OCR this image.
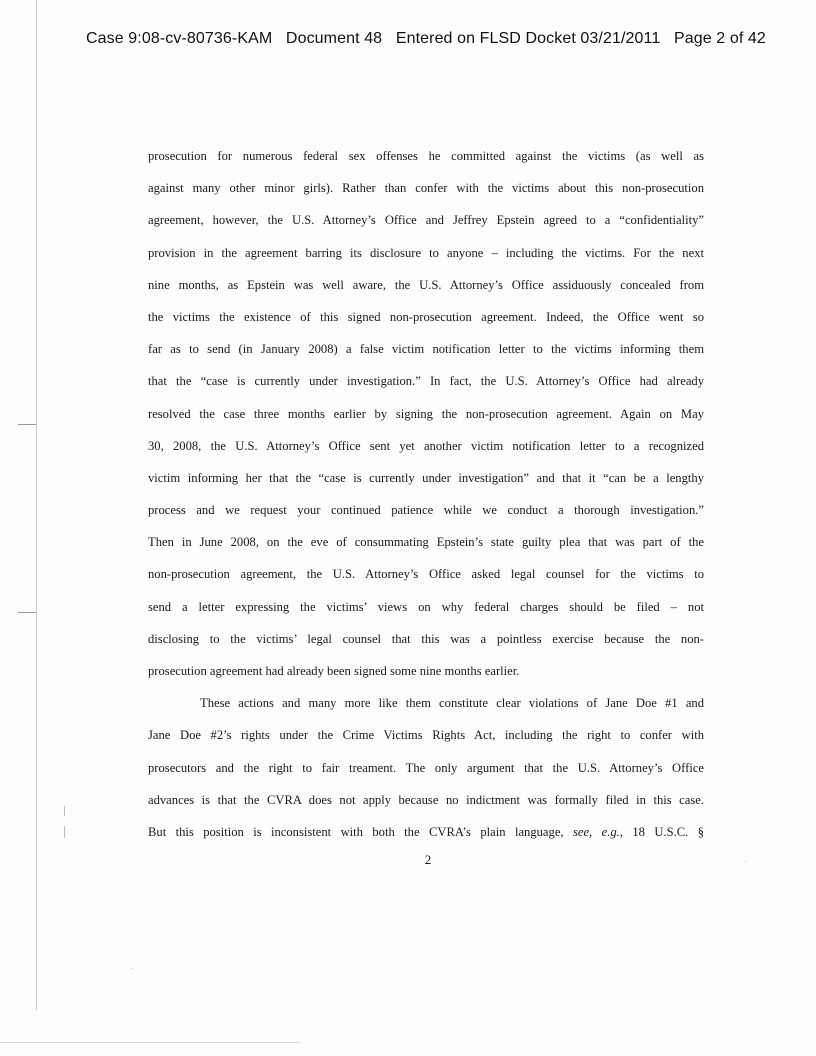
Case 9:08-cv-80736-KAM   Document 48   Entered on FLSD Docket 03/21/2011   Page 2 of 42
prosecution for numerous federal sex offenses he committed against the victims (as well as
against many other minor girls). Rather than confer with the victims about this non-prosecution
agreement, however, the U.S. Attorney’s Office and Jeffrey Epstein agreed to a “confidentiality”
provision in the agreement barring its disclosure to anyone – including the victims. For the next
nine months, as Epstein was well aware, the U.S. Attorney’s Office assiduously concealed from
the victims the existence of this signed non-prosecution agreement. Indeed, the Office went so
far as to send (in January 2008) a false victim notification letter to the victims informing them
that the “case is currently under investigation.” In fact, the U.S. Attorney’s Office had already
resolved the case three months earlier by signing the non-prosecution agreement. Again on May
30, 2008, the U.S. Attorney’s Office sent yet another victim notification letter to a recognized
victim informing her that the “case is currently under investigation” and that it “can be a lengthy
process and we request your continued patience while we conduct a thorough investigation.”
Then in June 2008, on the eve of consummating Epstein’s state guilty plea that was part of the
non-prosecution agreement, the U.S. Attorney’s Office asked legal counsel for the victims to
send a letter expressing the victims’ views on why federal charges should be filed – not
disclosing to the victims’ legal counsel that this was a pointless exercise because the non-
prosecution agreement had already been signed some nine months earlier.
These actions and many more like them constitute clear violations of Jane Doe #1 and
Jane Doe #2’s rights under the Crime Victims Rights Act, including the right to confer with
prosecutors and the right to fair treament. The only argument that the U.S. Attorney’s Office
advances is that the CVRA does not apply because no indictment was formally filed in this case.
But this position is inconsistent with both the CVRA’s plain language, see, e.g., 18 U.S.C. §
2
